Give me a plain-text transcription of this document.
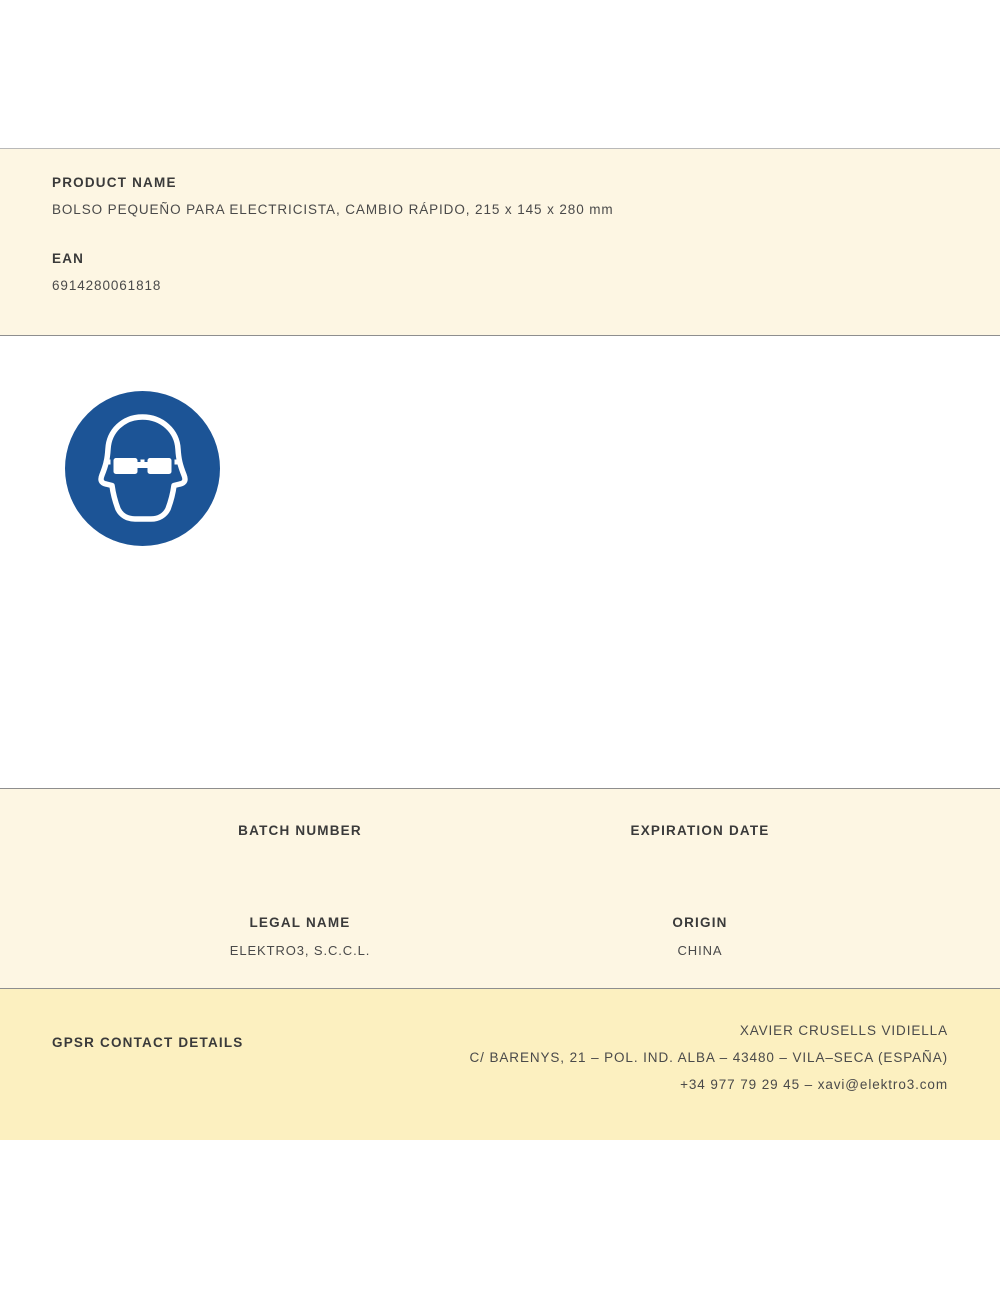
PRODUCT NAME

BOLSO PEQUEÑO PARA ELECTRICISTA, CAMBIO RÁPIDO, 215 x 145 x 280 mm

EAN

6914280061818

BATCH NUMBER	EXPIRATION DATE

LEGAL NAME

ELEKTRO3, S.C.C.L.

ORIGIN

CHINA

GPSR CONTACT DETAILS
XAVIER CRUSELLS VIDIELLA
C/ BARENYS, 21 – POL. IND. ALBA – 43480 – VILA–SECA (ESPAÑA)
+34 977 79 29 45 – xavi@elektro3.com
